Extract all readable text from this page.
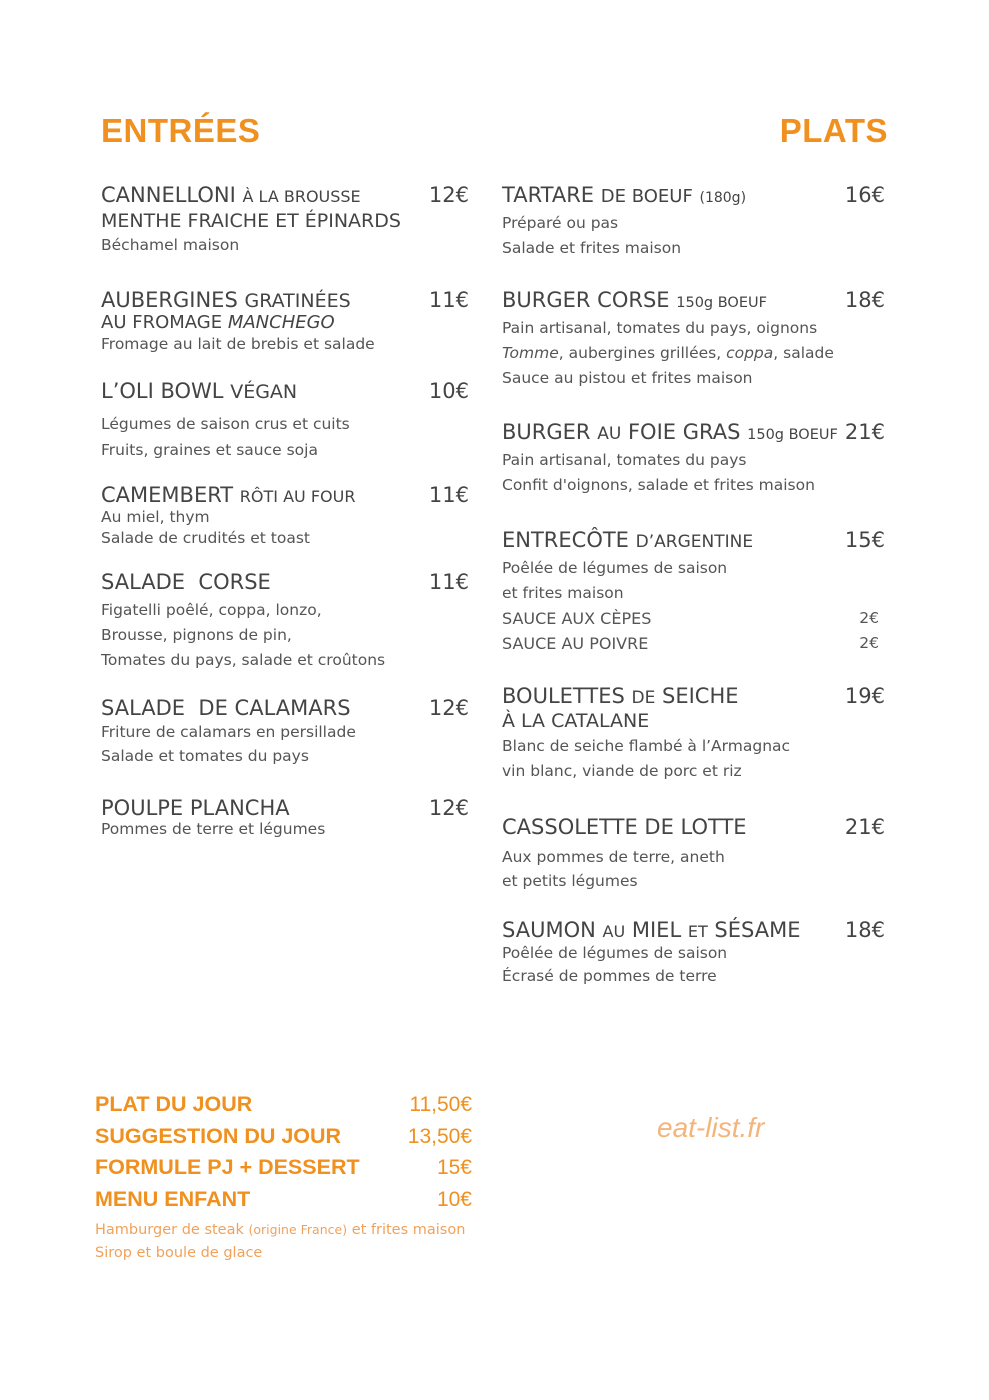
ENTRÉES	PLATS
CANNELLONI À LA BROUSSE	12€
MENTHE FRAICHE ET ÉPINARDS
Béchamel maison
AUBERGINES GRATINÉES	11€
AU FROMAGE MANCHEGO
Fromage au lait de brebis et salade
L’OLI BOWL VÉGAN	10€
Légumes de saison crus et cuits
Fruits, graines et sauce soja
CAMEMBERT RÔTI AU FOUR	11€
Au miel, thym
Salade de crudités et toast
SALADE  CORSE	11€
Figatelli poêlé, coppa, lonzo,
Brousse, pignons de pin,
Tomates du pays, salade et croûtons
SALADE  DE CALAMARS	12€
Friture de calamars en persillade
Salade et tomates du pays
POULPE PLANCHA	12€
Pommes de terre et légumes
TARTARE DE BOEUF (180g)	16€
Préparé ou pas
Salade et frites maison
BURGER CORSE 150g BOEUF	18€
Pain artisanal, tomates du pays, oignons
Tomme, aubergines grillées, coppa, salade
Sauce au pistou et frites maison
BURGER AU FOIE GRAS 150g BOEUF 21€
Pain artisanal, tomates du pays
Confit d'oignons, salade et frites maison
ENTRECÔTE D’ARGENTINE	15€
Poêlée de légumes de saison
et frites maison
SAUCE AUX CÈPES	2€
SAUCE AU POIVRE	2€
BOULETTES DE SEICHE	19€
À LA CATALANE
Blanc de seiche flambé à l’Armagnac
vin blanc, viande de porc et riz
CASSOLETTE DE LOTTE	21€
Aux pommes de terre, aneth
et petits légumes
SAUMON AU MIEL ET SÉSAME 18€
Poêlée de légumes de saison
Écrasé de pommes de terre
PLAT DU JOUR	11,50€
SUGGESTION DU JOUR	13,50€
FORMULE PJ + DESSERT	15€
MENU ENFANT	10€
Hamburger de steak (origine France) et frites maison
Sirop et boule de glace
eat-list.fr
